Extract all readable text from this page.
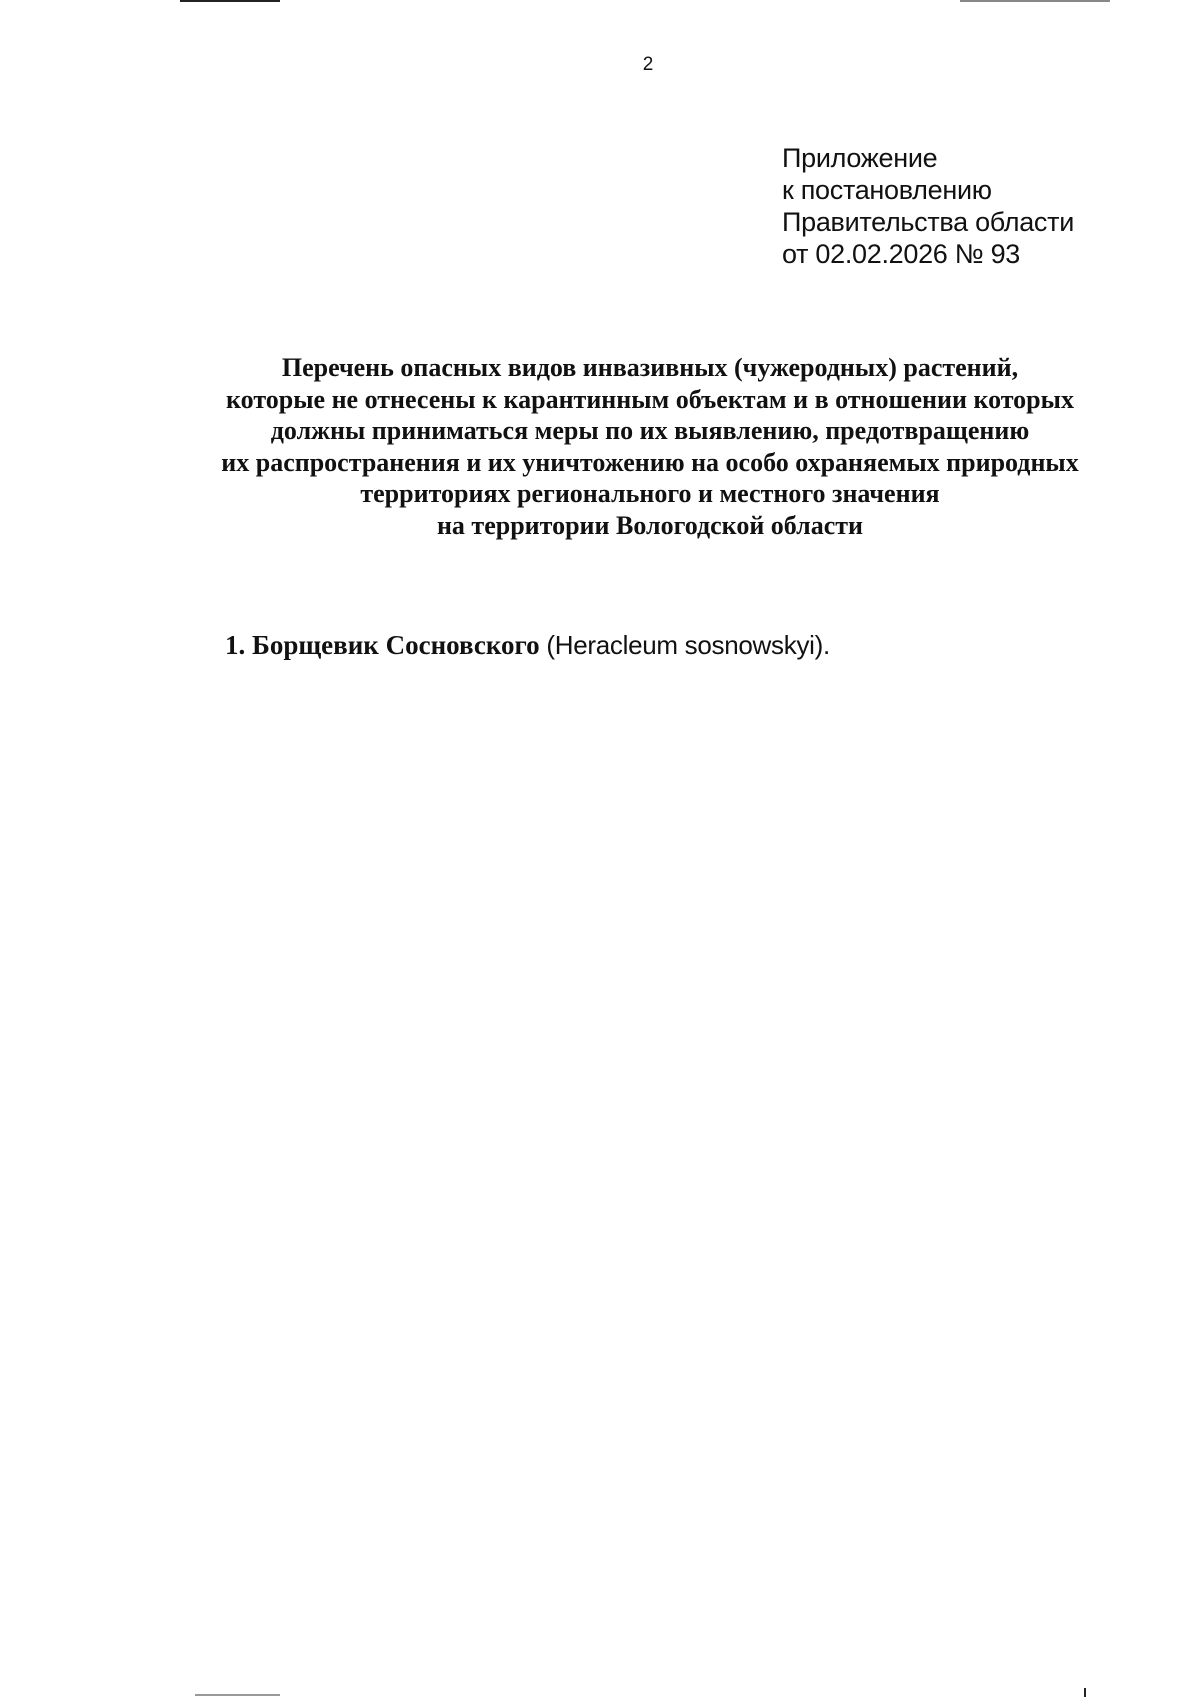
2
Приложение
к постановлению
Правительства области
от 02.02.2026 № 93
Перечень опасных видов инвазивных (чужеродных) растений,
которые не отнесены к карантинным объектам и в отношении которых
должны приниматься меры по их выявлению, предотвращению
их распространения и их уничтожению на особо охраняемых природных
территориях регионального и местного значения
на территории Вологодской области
1. Борщевик Сосновского (Heracleum sosnowskyi).
